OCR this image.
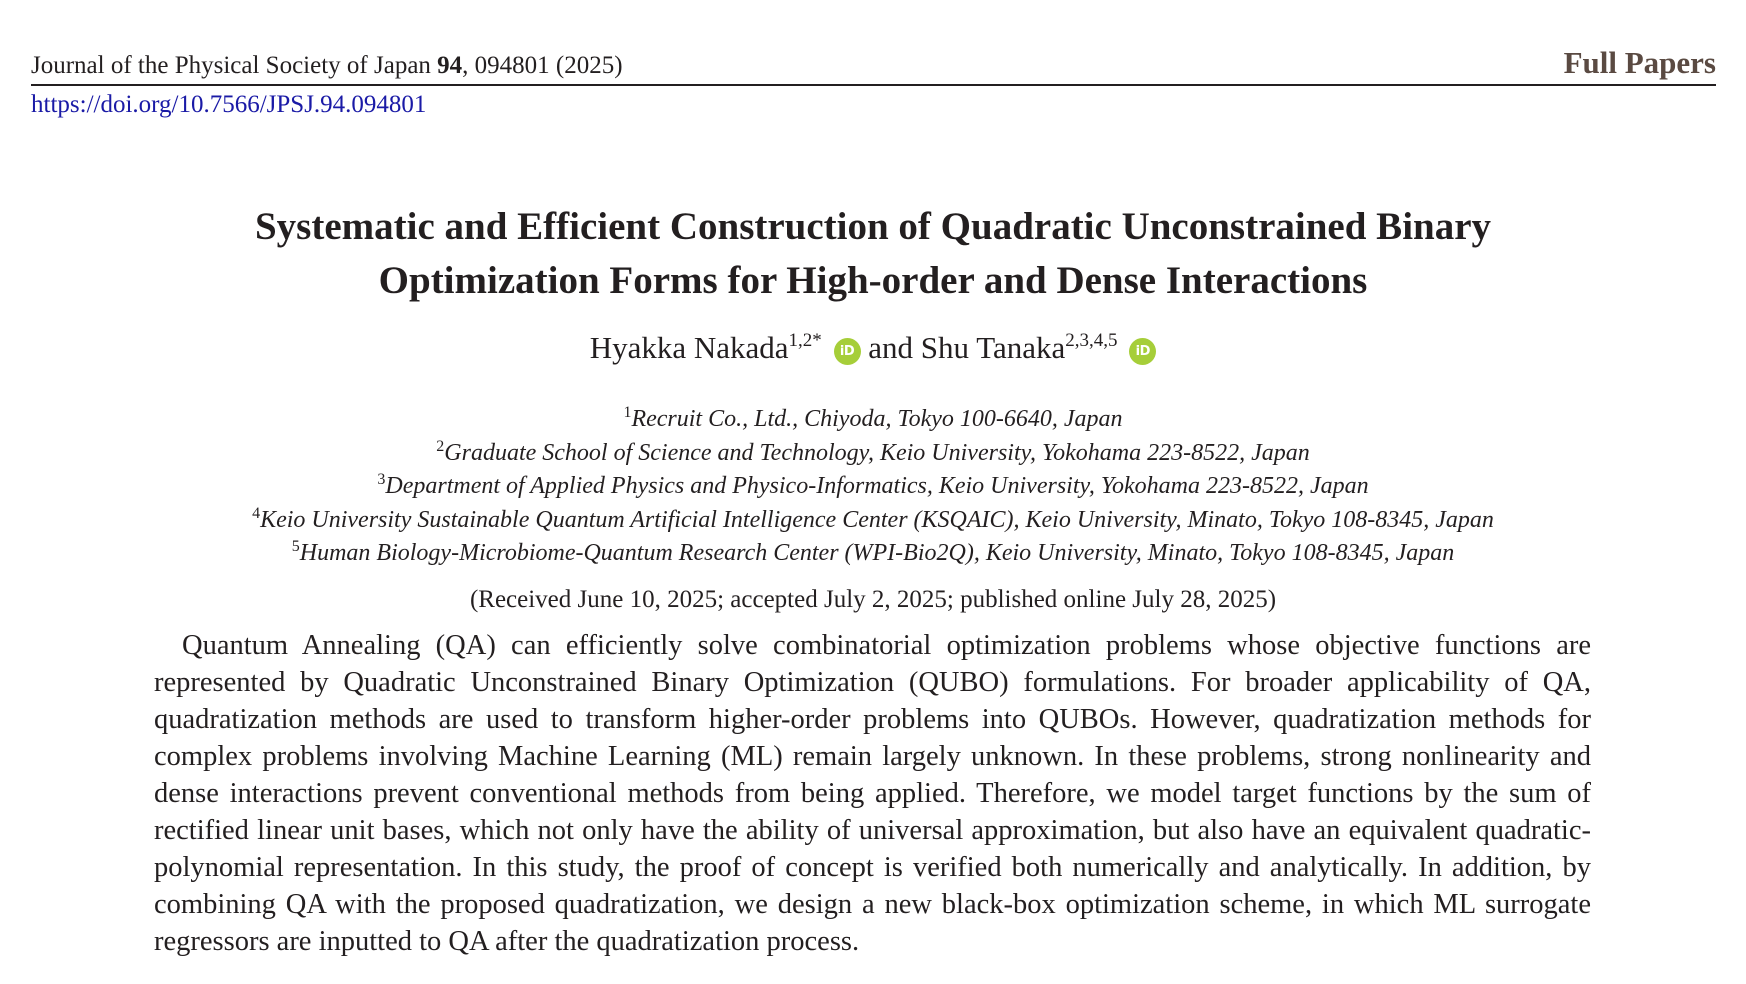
Journal of the Physical Society of Japan 94, 094801 (2025)	Full Papers
https://doi.org/10.7566/JPSJ.94.094801
Systematic and Efficient Construction of Quadratic Unconstrained Binary
Optimization Forms for High-order and Dense Interactions
Hyakka Nakada$^{1,2*}$ iD and Shu Tanaka$^{2,3,4,5}$ iD
$^1$Recruit Co., Ltd., Chiyoda, Tokyo 100-6640, Japan
$^2$Graduate School of Science and Technology, Keio University, Yokohama 223-8522, Japan
$^3$Department of Applied Physics and Physico-Informatics, Keio University, Yokohama 223-8522, Japan
$^4$Keio University Sustainable Quantum Artificial Intelligence Center (KSQAIC), Keio University, Minato, Tokyo 108-8345, Japan
$^5$Human Biology-Microbiome-Quantum Research Center (WPI-Bio2Q), Keio University, Minato, Tokyo 108-8345, Japan
(Received June 10, 2025; accepted July 2, 2025; published online July 28, 2025)

Quantum Annealing (QA) can efficiently solve combinatorial optimization problems whose objective functions are represented by Quadratic Unconstrained Binary Optimization (QUBO) formulations. For broader applicability of QA, quadratization methods are used to transform higher-order problems into QUBOs. However, quadratization methods for complex problems involving Machine Learning (ML) remain largely unknown. In these problems, strong nonlinearity and dense interactions prevent conventional methods from being applied. Therefore, we model target functions by the sum of rectified linear unit bases, which not only have the ability of universal approximation, but also have an equivalent quadratic-polynomial representation. In this study, the proof of concept is verified both numerically and analytically. In addition, by combining QA with the proposed quadratization, we design a new black-box optimization scheme, in which ML surrogate regressors are inputted to QA after the quadratization process.
